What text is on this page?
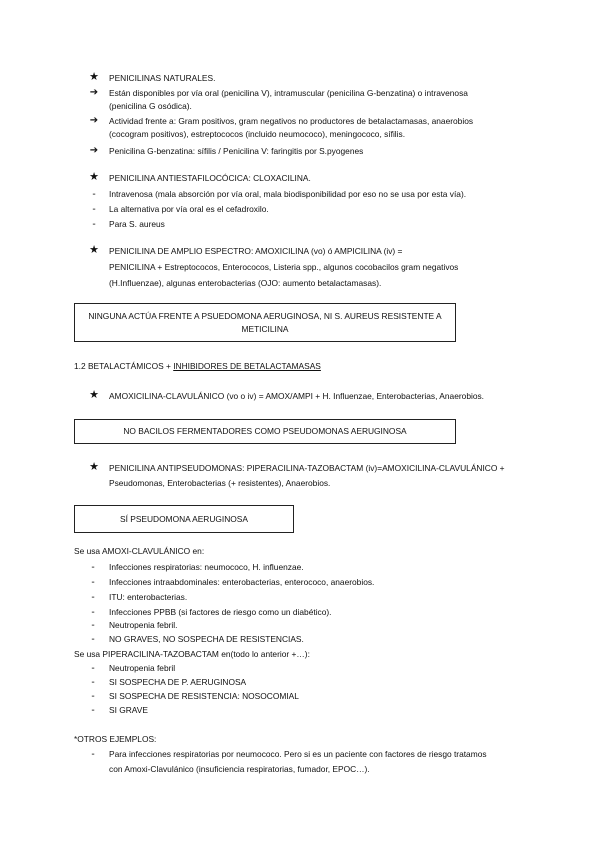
★ PENICILINAS NATURALES.
➔	Están disponibles por vía oral (penicilina V), intramuscular (penicilina G-benzatina) o intravenosa
(penicilina G osódica).
➔	Actividad frente a: Gram positivos, gram negativos no productores de betalactamasas, anaerobios
(cocogram positivos), estreptococos (incluido neumococo), meningococo, sífilis.
➔	Penicilina G-benzatina: sífilis / Penicilina V: faringitis por S.pyogenes
★ PENICILINA ANTIESTAFILOCÓCICA: CLOXACILINA.
-	Intravenosa (mala absorción por vía oral, mala biodisponibilidad por eso no se usa por esta vía).
-	La alternativa por vía oral es el cefadroxilo.
-	Para S. aureus
★ PENICILINA DE AMPLIO ESPECTRO: AMOXICILINA (vo) ó AMPICILINA (iv) =
PENICILINA + Estreptococos, Enterococos, Listeria spp., algunos cocobacilos gram negativos
(H.Influenzae), algunas enterobacterias (OJO: aumento betalactamasas).
NINGUNA ACTÚA FRENTE A PSUEDOMONA AERUGINOSA, NI S. AUREUS RESISTENTE A
METICILINA
1.2 BETALACTÁMICOS + INHIBIDORES DE BETALACTAMASAS
★ AMOXICILINA-CLAVULÁNICO (vo o iv) = AMOX/AMPI + H. Influenzae, Enterobacterias, Anaerobios.
NO BACILOS FERMENTADORES COMO PSEUDOMONAS AERUGINOSA
★ PENICILINA ANTIPSEUDOMONAS: PIPERACILINA-TAZOBACTAM (iv)=AMOXICILINA-CLAVULÁNICO +
Pseudomonas, Enterobacterias (+ resistentes), Anaerobios.
SÍ PSEUDOMONA AERUGINOSA
Se usa AMOXI-CLAVULÁNICO en:
-	Infecciones respiratorias: neumococo, H. influenzae.
-	Infecciones intraabdominales: enterobacterias, enterococo, anaerobios.
-	ITU: enterobacterias.
-	Infecciones PPBB (si factores de riesgo como un diabético).
-	Neutropenia febril.
-	NO GRAVES, NO SOSPECHA DE RESISTENCIAS.
Se usa PIPERACILINA-TAZOBACTAM en(todo lo anterior +…):
-	Neutropenia febril
-	SI SOSPECHA DE P. AERUGINOSA
-	SI SOSPECHA DE RESISTENCIA: NOSOCOMIAL
-	SI GRAVE
*OTROS EJEMPLOS:
-	Para infecciones respiratorias por neumococo. Pero si es un paciente con factores de riesgo tratamos
con Amoxi-Clavulánico (insuficiencia respiratorias, fumador, EPOC…).
